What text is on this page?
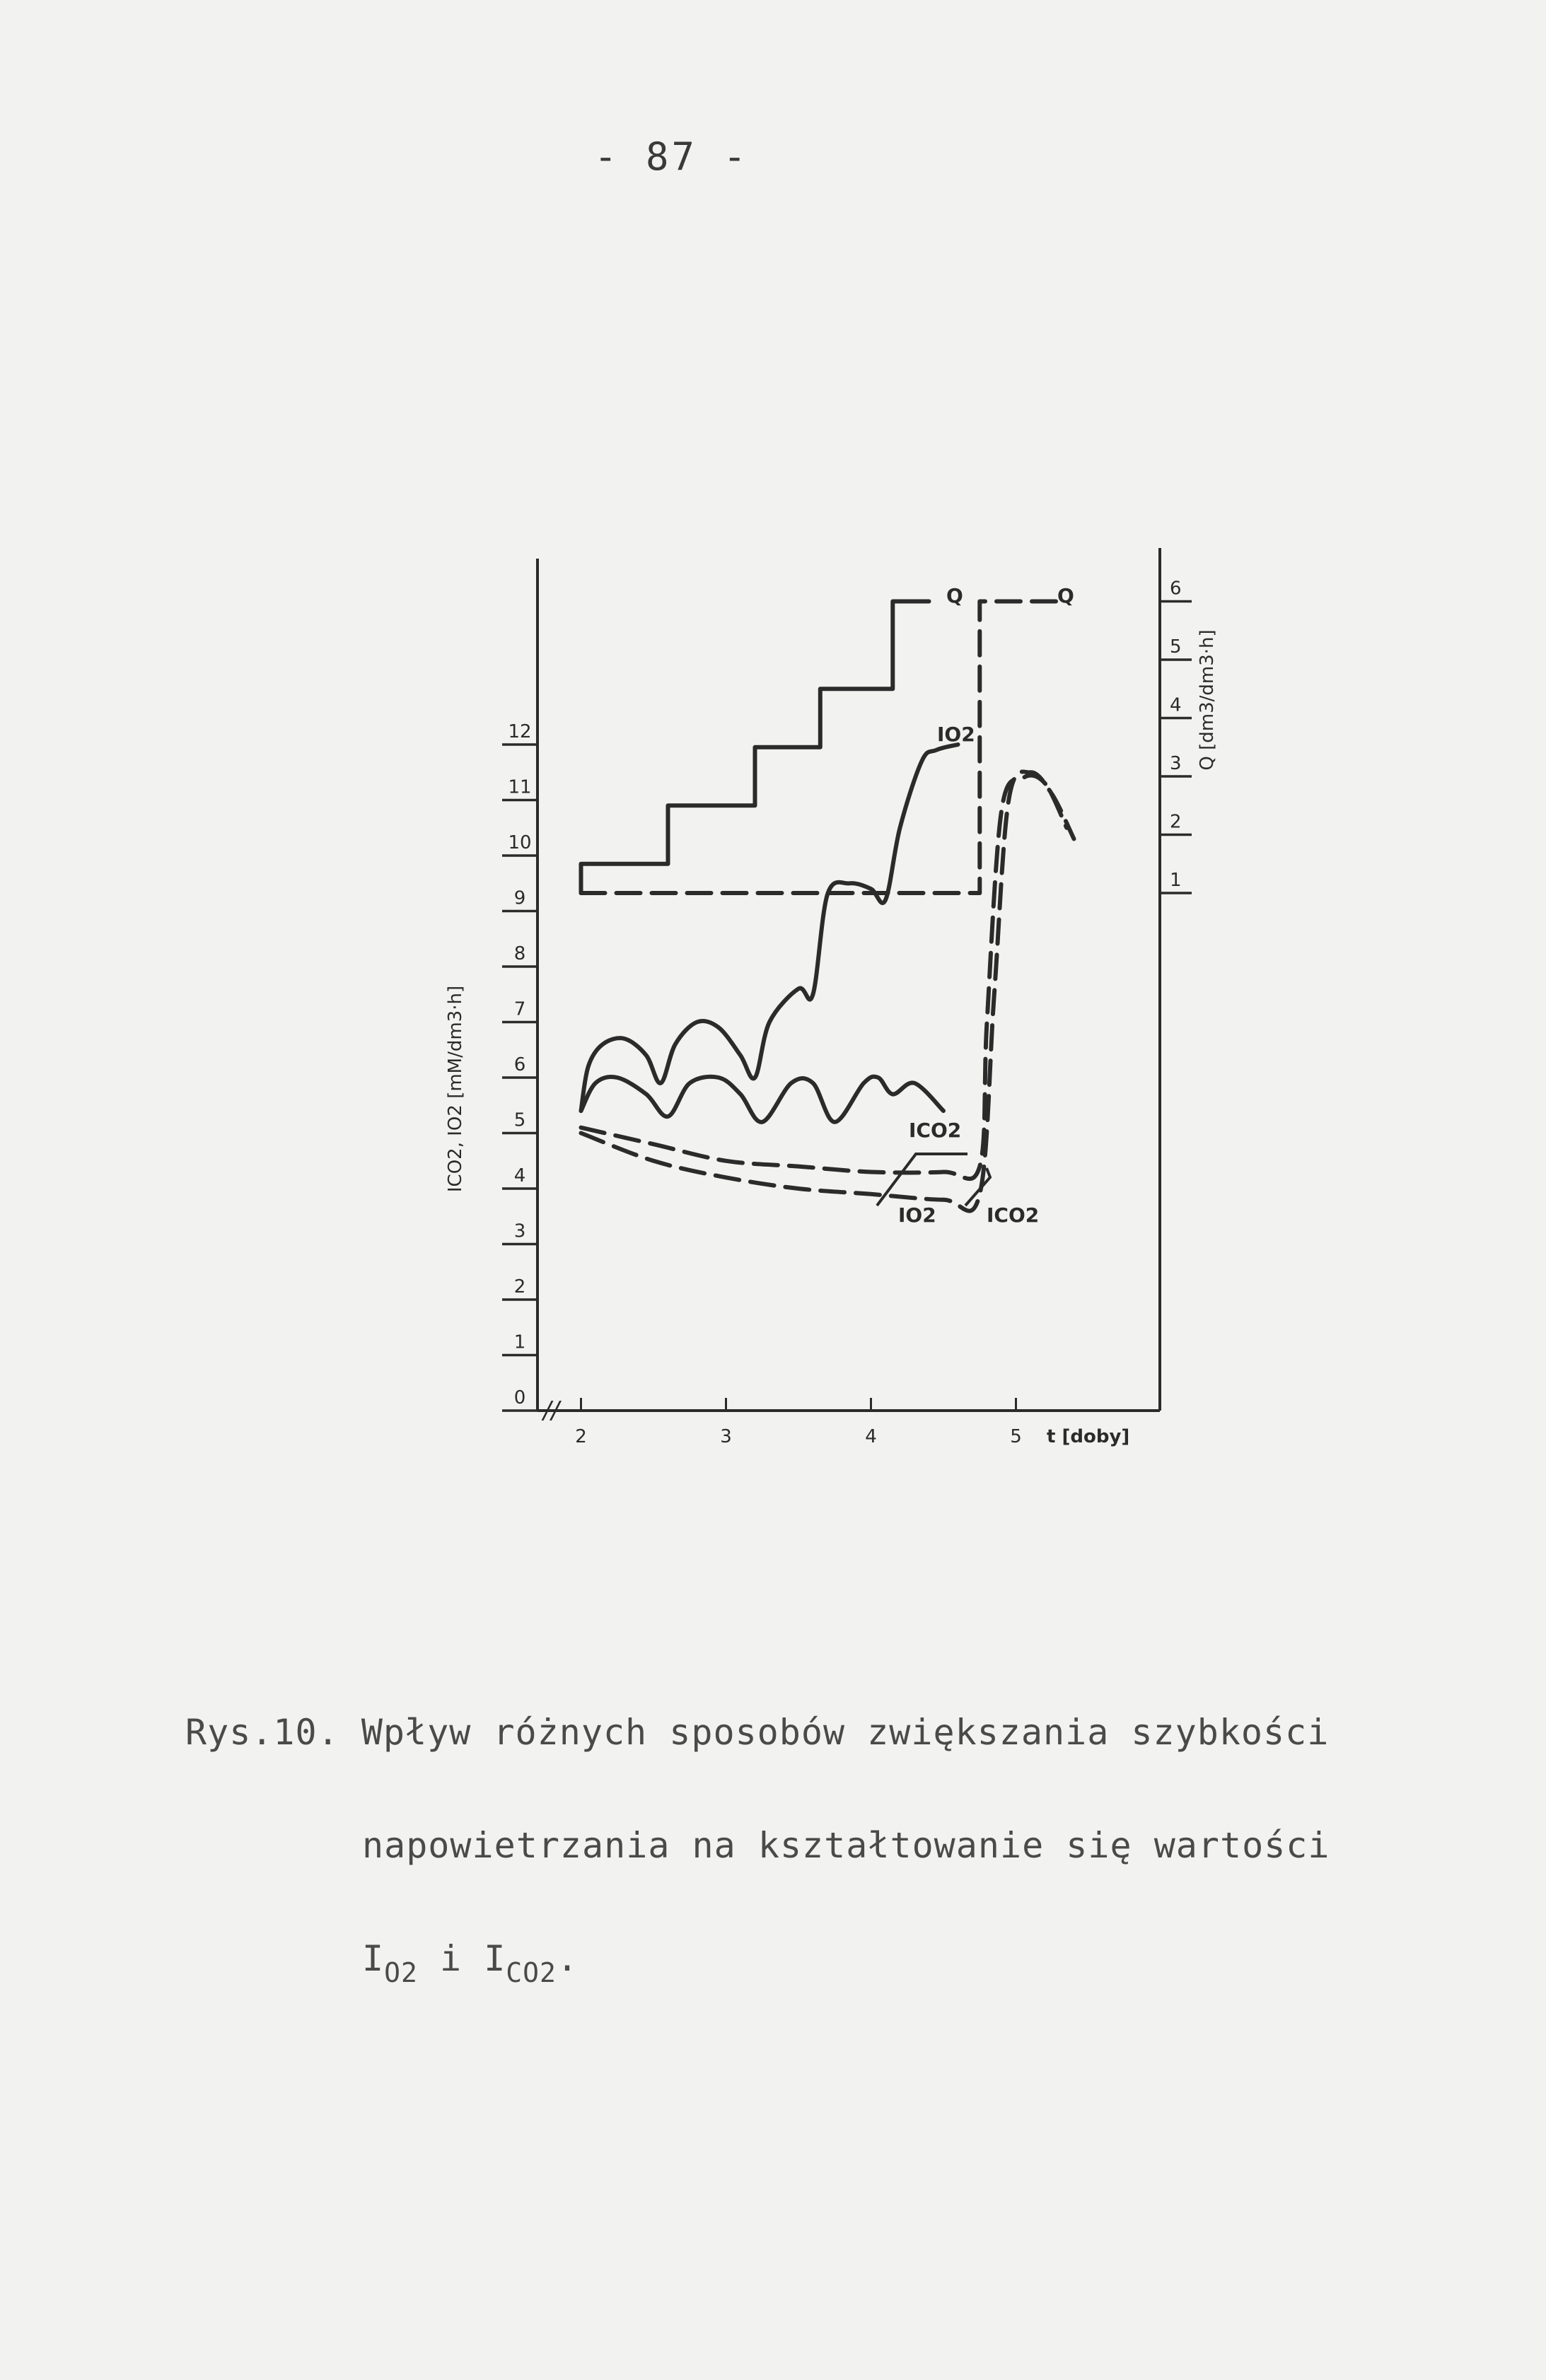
- 87 -
//
0
1
2
3
4
5
6
7
8
9
10
11
12
1
2
3
4
5
6
2	3	4	5 t [doby]
ICO2, IO2 [mM/dm3·h]
Q [dm3/dm3·h]
Q	Q
IO2
ICO2
IO2	ICO2
Rys.10. Wpływ różnych sposobów zwiększania szybkości
napowietrzania na kształtowanie się wartości
$I_{O2}$ i $I_{CO2}$.
